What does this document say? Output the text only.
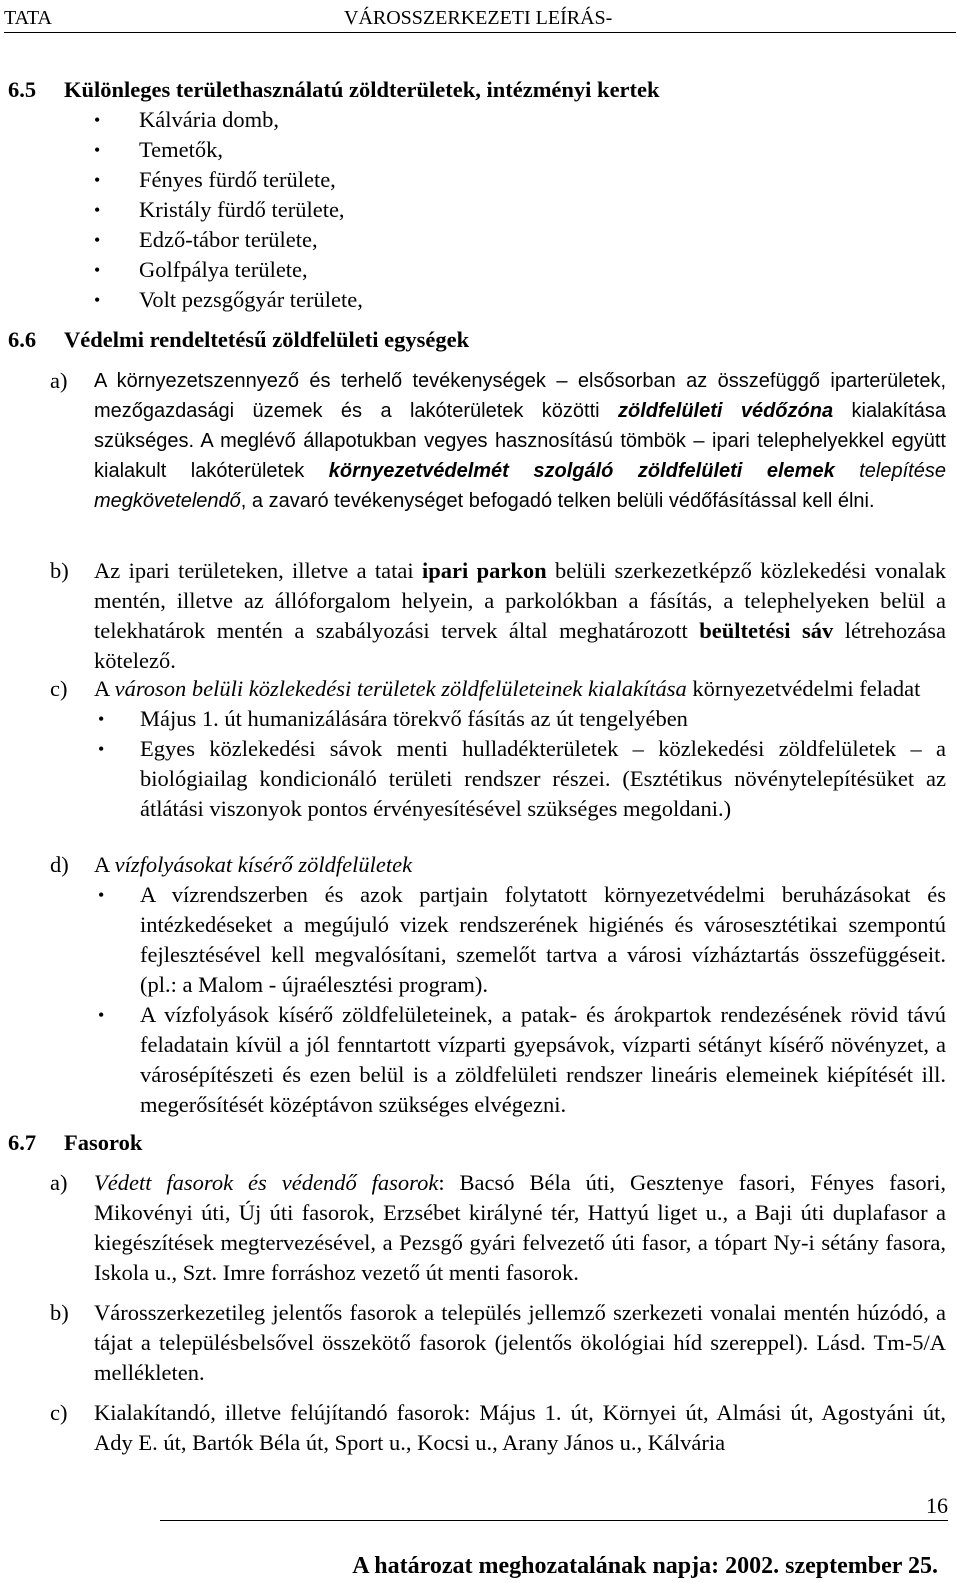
TATA	VÁROSSZERKEZETI LEÍRÁS-
6.5 Különleges területhasználatú zöldterületek, intézményi kertek
• Kálvária domb,
• Temetők,
• Fényes fürdő területe,
• Kristály fürdő területe,
• Edző-tábor területe,
• Golfpálya területe,
• Volt pezsgőgyár területe,
6.6 Védelmi rendeltetésű zöldfelületi egységek
a) A környezetszennyező és terhelő tevékenységek – elsősorban az összefüggő iparterületek, mezőgazdasági üzemek és a lakóterületek közötti zöldfelületi védőzóna kialakítása szükséges. A meglévő állapotukban vegyes hasznosítású tömbök – ipari telephelyekkel együtt kialakult lakóterületek környezetvédelmét szolgáló zöldfelületi elemek telepítése megkövetelendő, a zavaró tevékenységet befogadó telken belüli védőfásítással kell élni.
b) Az ipari területeken, illetve a tatai ipari parkon belüli szerkezetképző közlekedési vonalak mentén, illetve az állóforgalom helyein, a parkolókban a fásítás, a telephelyeken belül a telekhatárok mentén a szabályozási tervek által meghatározott beültetési sáv létrehozása kötelező.
c) A városon belüli közlekedési területek zöldfelületeinek kialakítása környezetvédelmi feladat
• Május 1. út humanizálására törekvő fásítás az út tengelyében
• Egyes közlekedési sávok menti hulladékterületek – közlekedési zöldfelületek – a biológiailag kondicionáló területi rendszer részei. (Esztétikus növénytelepítésüket az átlátási viszonyok pontos érvényesítésével szükséges megoldani.)
d) A vízfolyásokat kísérő zöldfelületek
• A vízrendszerben és azok partjain folytatott környezetvédelmi beruházásokat és intézkedéseket a megújuló vizek rendszerének higiénés és városesztétikai szempontú fejlesztésével kell megvalósítani, szemelőt tartva a városi vízháztartás összefüggéseit. (pl.: a Malom - újraélesztési program).
• A vízfolyások kísérő zöldfelületeinek, a patak- és árokpartok rendezésének rövid távú feladatain kívül a jól fenntartott vízparti gyepsávok, vízparti sétányt kísérő növényzet, a városépítészeti és ezen belül is a zöldfelületi rendszer lineáris elemeinek kiépítését ill. megerősítését középtávon szükséges elvégezni.
6.7 Fasorok
a) Védett fasorok és védendő fasorok: Bacsó Béla úti, Gesztenye fasori, Fényes fasori, Mikovényi úti, Új úti fasorok, Erzsébet királyné tér, Hattyú liget u., a Baji úti duplafasor a kiegészítések megtervezésével, a Pezsgő gyári felvezető úti fasor, a tópart Ny-i sétány fasora, Iskola u., Szt. Imre forráshoz vezető út menti fasorok.
b) Városszerkezetileg jelentős fasorok a település jellemző szerkezeti vonalai mentén húzódó, a tájat a településbelsővel összekötő fasorok (jelentős ökológiai híd szereppel). Lásd. Tm-5/A mellékleten.
c) Kialakítandó, illetve felújítandó fasorok: Május 1. út, Környei út, Almási út, Agostyáni út, Ady E. út, Bartók Béla út, Sport u., Kocsi u., Arany János u., Kálvária
16
A határozat meghozatalának napja: 2002. szeptember 25.
